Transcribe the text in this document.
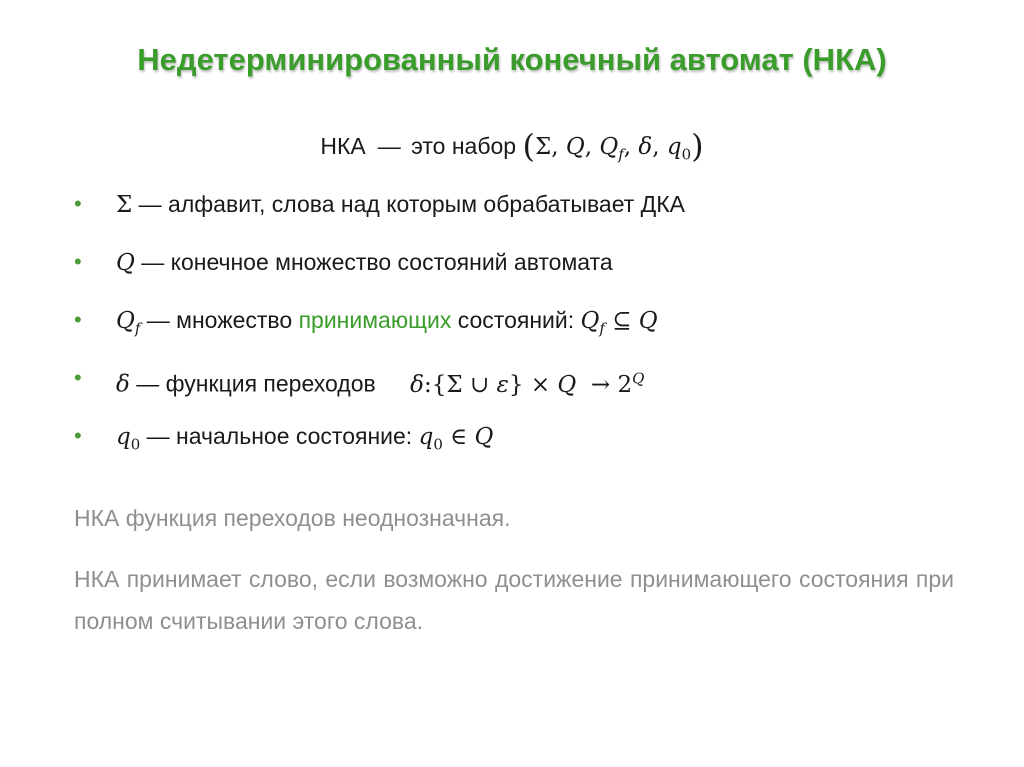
Недетерминированный конечный автомат (НКА)
НКА — это набор (Σ, Q, $Q_f$, δ, $q_0$)
• Σ — алфавит, слова над которым обрабатывает ДКА
• Q — конечное множество состояний автомата
• $Q_f$ — множество принимающих состояний: $Q_f$ ⊆ Q
• δ — функция переходов δ:{Σ ∪ $\varepsilon\} \times Q \to 2^Q$
• $q_0$ — начальное состояние: $q_0$ ∈ Q
НКА функция переходов неоднозначная.
НКА принимает слово, если возможно достижение принимающего состояния при полном считывании этого слова.
